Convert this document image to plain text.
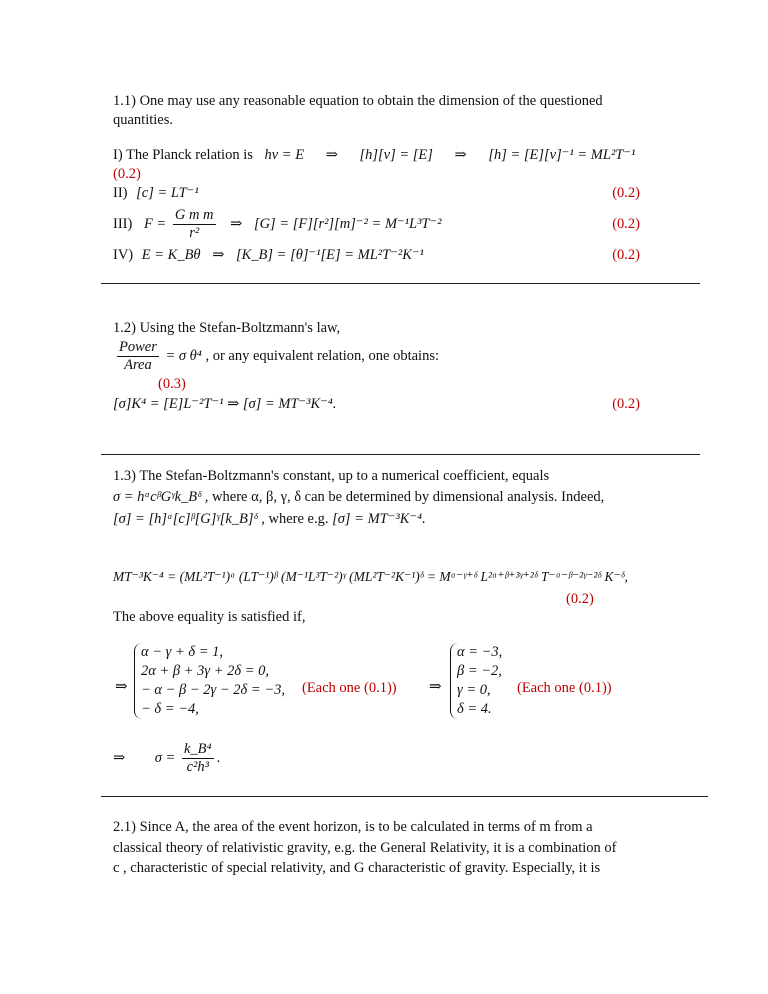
1.1) One may use any reasonable equation to obtain the dimension of the questioned quantities.
I) The Planck relation is hν = E ⇒ [h][ν] = [E] ⇒ [h] = [E][ν]⁻¹ = ML²T⁻¹
(0.2)
II) [c] = LT⁻¹	(0.2)
III) $F = \frac{\text{G m m}}{\text{r²}}$ ⇒ [G] = [F][r²][m]⁻² = M⁻¹L³T⁻²	(0.2)
IV) E = K_Bθ ⇒ [K_B] = [θ]⁻¹[E] = ML²T⁻²K⁻¹	(0.2)
1.2) Using the Stefan-Boltzmann's law,
$\frac{\text{Power}}{\text{Area}} = \sigma$ θ⁴ , or any equivalent relation, one obtains:
(0.3)
[σ]K⁴ = [E]L⁻²T⁻¹ ⇒ [σ] = MT⁻³K⁻⁴.	(0.2)
1.3) The Stefan-Boltzmann's constant, up to a numerical coefficient, equals
σ = hᵅcᵝGᵞk_Bᵟ , where α, β, γ, δ can be determined by dimensional analysis. Indeed,
[σ] = [h]ᵅ[c]ᵝ[G]ᵞ[k_B]ᵟ , where e.g. [σ] = MT⁻³K⁻⁴.
MT⁻³K⁻⁴ = (ML²T⁻¹)ᵅ (LT⁻¹)ᵝ (M⁻¹L³T⁻²)ᵞ (ML²T⁻²K⁻¹)ᵟ = Mᵅ⁻ᵞ⁺ᵟ L²ᵅ⁺ᵝ⁺³ᵞ⁺²ᵟ T⁻ᵅ⁻ᵝ⁻²ᵞ⁻²ᵟ K⁻ᵟ,
(0.2)
The above equality is satisfied if,
⇒
α − γ + δ = 1,
2α + β + 3γ + 2δ = 0,
− α − β − 2γ − 2δ = −3,
− δ = −4,
(Each one (0.1))	⇒
α = −3,
β = −2,
γ = 0,
δ = 4.
(Each one (0.1))
⇒ $\sigma = \frac{\text{k\_B⁴}}{\text{c²h³}}$ .
2.1) Since A, the area of the event horizon, is to be calculated in terms of m from a
classical theory of relativistic gravity, e.g. the General Relativity, it is a combination of
c , characteristic of special relativity, and G characteristic of gravity. Especially, it is
